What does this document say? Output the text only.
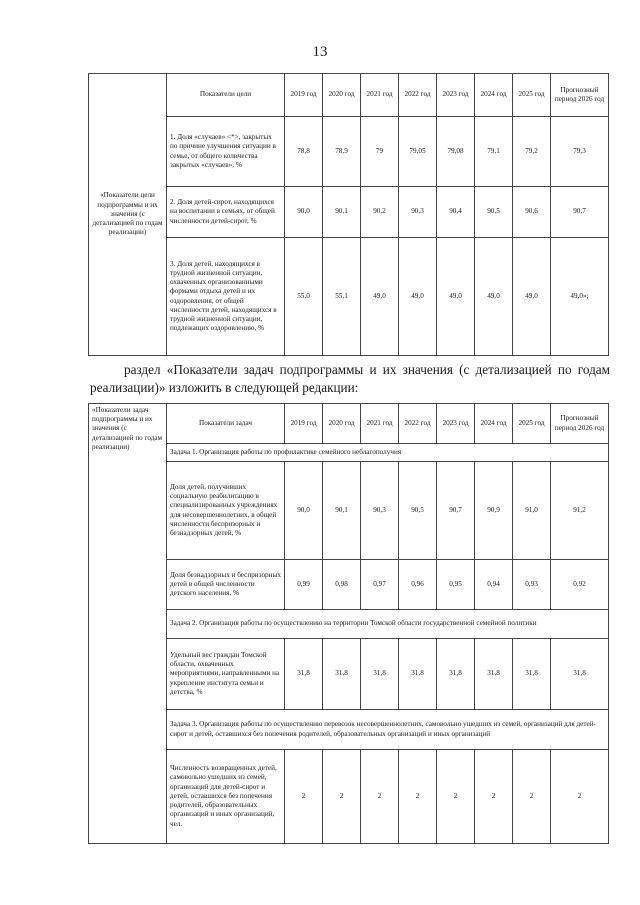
13
«Показатели цели подпрограммы и их значения (с детализацией по годам реализации)	Показатели цели	2019 год	2020 год	2021 год	2022 год	2023 год	2024 год	2025 год	Прогнозный период 2026 год
	1. Доля «случаев» <*>, закрытых по причине улучшения ситуации в семье, от общего количества закрытых «случаев», %	78,8	78,9	79	79,05	79,08	79,1	79,2	79,3
	2. Доля детей-сирот, находящихся на воспитании в семьях, от общей численности детей-сирот, %	90,0	90,1	90,2	90,3	90,4	90,5	90,6	90,7
	3. Доля детей, находящихся в трудной жизненной ситуации, охваченных организованными формами отдыха детей и их оздоровления, от общей численности детей, находящихся в трудной жизненной ситуации, подлежащих оздоровлению, %	55,0	55,1	49,0	49,0	49,0	49,0	49,0	49,0»;
раздел «Показатели задач подпрограммы и их значения (с детализацией по годам реализации)» изложить в следующей редакции:
«Показатели задач подпрограммы и их значения (с детализацией по годам реализации)	Показатели задач	2019 год	2020 год	2021 год	2022 год	2023 год	2024 год	2025 год	Прогнозный период 2026 год
	Задача 1. Организация работы по профилактике семейного неблагополучия								
	Доля детей, получивших социальную реабилитацию в специализированных учреждениях для несовершеннолетних, в общей численности беспризорных и безнадзорных детей, %	90,0	90,1	90,3	90,5	90,7	90,9	91,0	91,2
	Доля безнадзорных и беспризорных детей в общей численности детского населения, %	0,99	0,98	0,97	0,96	0,95	0,94	0,93	0,92
	Задача 2. Организация работы по осуществлению на территории Томской области государственной семейной политики								
	Удельный вес граждан Томской области, охваченных мероприятиями, направленными на укрепление института семьи и детства, %	31,8	31,8	31,8	31,8	31,8	31,8	31,8	31,8
	Задача 3. Организация работы по осуществлению перевозок несовершеннолетних, самовольно ушедших из семей, организаций для детей-сирот и детей, оставшихся без попечения родителей, образовательных организаций и иных организаций								
	Численность возвращенных детей, самовольно ушедших из семей, организаций для детей-сирот и детей, оставшихся без попечения родителей, образовательных организаций и иных организаций, чел.	2	2	2	2	2	2	2	2
